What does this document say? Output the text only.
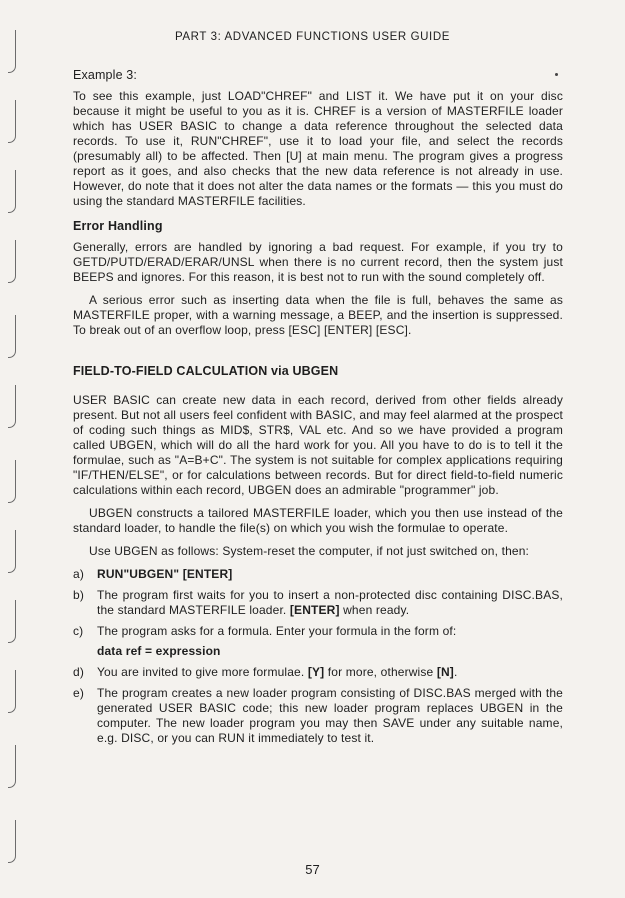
PART 3: ADVANCED FUNCTIONS USER GUIDE

Example 3:

To see this example, just LOAD"CHREF" and LIST it. We have put it on your disc because it might be useful to you as it is. CHREF is a version of MASTERFILE loader which has USER BASIC to change a data reference throughout the selected data records. To use it, RUN"CHREF", use it to load your file, and select the records (presumably all) to be affected. Then [U] at main menu. The program gives a progress report as it goes, and also checks that the new data reference is not already in use. However, do note that it does not alter the data names or the formats — this you must do using the standard MASTERFILE facilities.

Error Handling

Generally, errors are handled by ignoring a bad request. For example, if you try to GETD/PUTD/ERAD/ERAR/UNSL when there is no current record, then the system just BEEPS and ignores. For this reason, it is best not to run with the sound completely off.

A serious error such as inserting data when the file is full, behaves the same as MASTERFILE proper, with a warning message, a BEEP, and the insertion is suppressed. To break out of an overflow loop, press [ESC] [ENTER] [ESC].

FIELD-TO-FIELD CALCULATION via UBGEN

USER BASIC can create new data in each record, derived from other fields already present. But not all users feel confident with BASIC, and may feel alarmed at the prospect of coding such things as MID$, STR$, VAL etc. And so we have provided a program called UBGEN, which will do all the hard work for you. All you have to do is to tell it the formulae, such as "A=B+C". The system is not suitable for complex applications requiring "IF/THEN/ELSE", or for calculations between records. But for direct field-to-field numeric calculations within each record, UBGEN does an admirable "programmer" job.

UBGEN constructs a tailored MASTERFILE loader, which you then use instead of the standard loader, to handle the file(s) on which you wish the formulae to operate.

Use UBGEN as follows: System-reset the computer, if not just switched on, then:

a)	RUN"UBGEN" [ENTER]
b)	The program first waits for you to insert a non-protected disc containing DISC.BAS, the standard MASTERFILE loader. [ENTER] when ready.
c)	The program asks for a formula. Enter your formula in the form of:

data ref = expression

d)	You are invited to give more formulae. [Y] for more, otherwise [N].
e)	The program creates a new loader program consisting of DISC.BAS merged with the generated USER BASIC code; this new loader program replaces UBGEN in the computer. The new loader program you may then SAVE under any suitable name, e.g. DISC, or you can RUN it immediately to test it.
57
